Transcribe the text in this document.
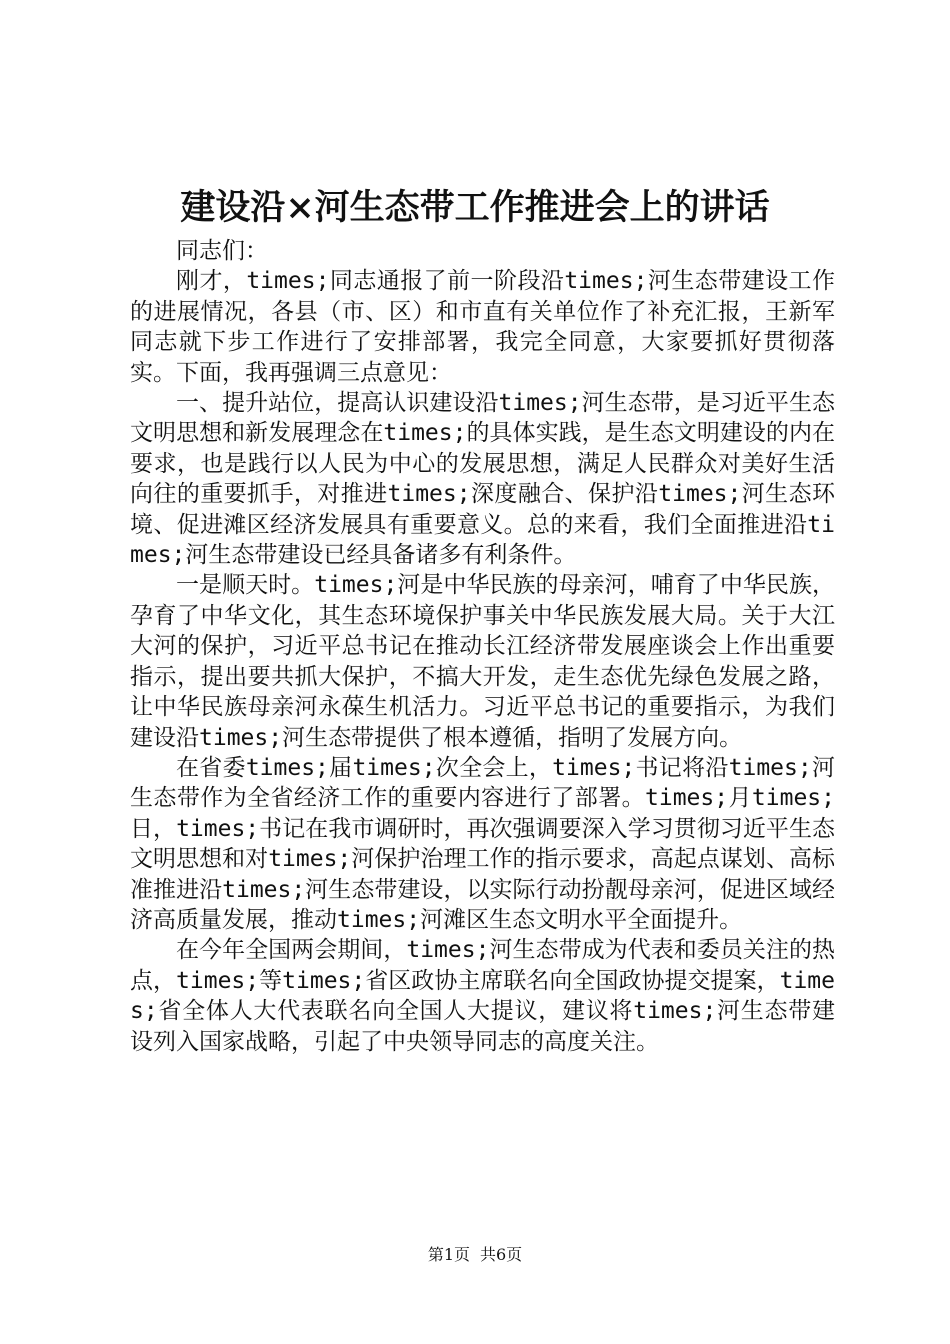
建设沿×河生态带工作推进会上的讲话

同志们：

刚才，times;同志通报了前一阶段沿times;河生态带建设工作的进展情况，各县（市、区）和市直有关单位作了补充汇报，王新军同志就下步工作进行了安排部署，我完全同意，大家要抓好贯彻落实。下面，我再强调三点意见：

一、提升站位，提高认识建设沿times;河生态带，是习近平生态文明思想和新发展理念在times;的具体实践，是生态文明建设的内在要求，也是践行以人民为中心的发展思想，满足人民群众对美好生活向往的重要抓手，对推进times;深度融合、保护沿times;河生态环境、促进滩区经济发展具有重要意义。总的来看，我们全面推进沿times;河生态带建设已经具备诸多有利条件。

一是顺天时。times;河是中华民族的母亲河，哺育了中华民族，孕育了中华文化，其生态环境保护事关中华民族发展大局。关于大江大河的保护，习近平总书记在推动长江经济带发展座谈会上作出重要指示，提出要共抓大保护，不搞大开发，走生态优先绿色发展之路，让中华民族母亲河永葆生机活力。习近平总书记的重要指示，为我们建设沿times;河生态带提供了根本遵循，指明了发展方向。

在省委times;届times;次全会上，times;书记将沿times;河生态带作为全省经济工作的重要内容进行了部署。times;月times;日，times;书记在我市调研时，再次强调要深入学习贯彻习近平生态文明思想和对times;河保护治理工作的指示要求，高起点谋划、高标准推进沿times;河生态带建设，以实际行动扮靓母亲河，促进区域经济高质量发展，推动times;河滩区生态文明水平全面提升。

在今年全国两会期间，times;河生态带成为代表和委员关注的热点，times;等times;省区政协主席联名向全国政协提交提案，times;省全体人大代表联名向全国人大提议，建议将times;河生态带建设列入国家战略，引起了中央领导同志的高度关注。

第1页 共6页
